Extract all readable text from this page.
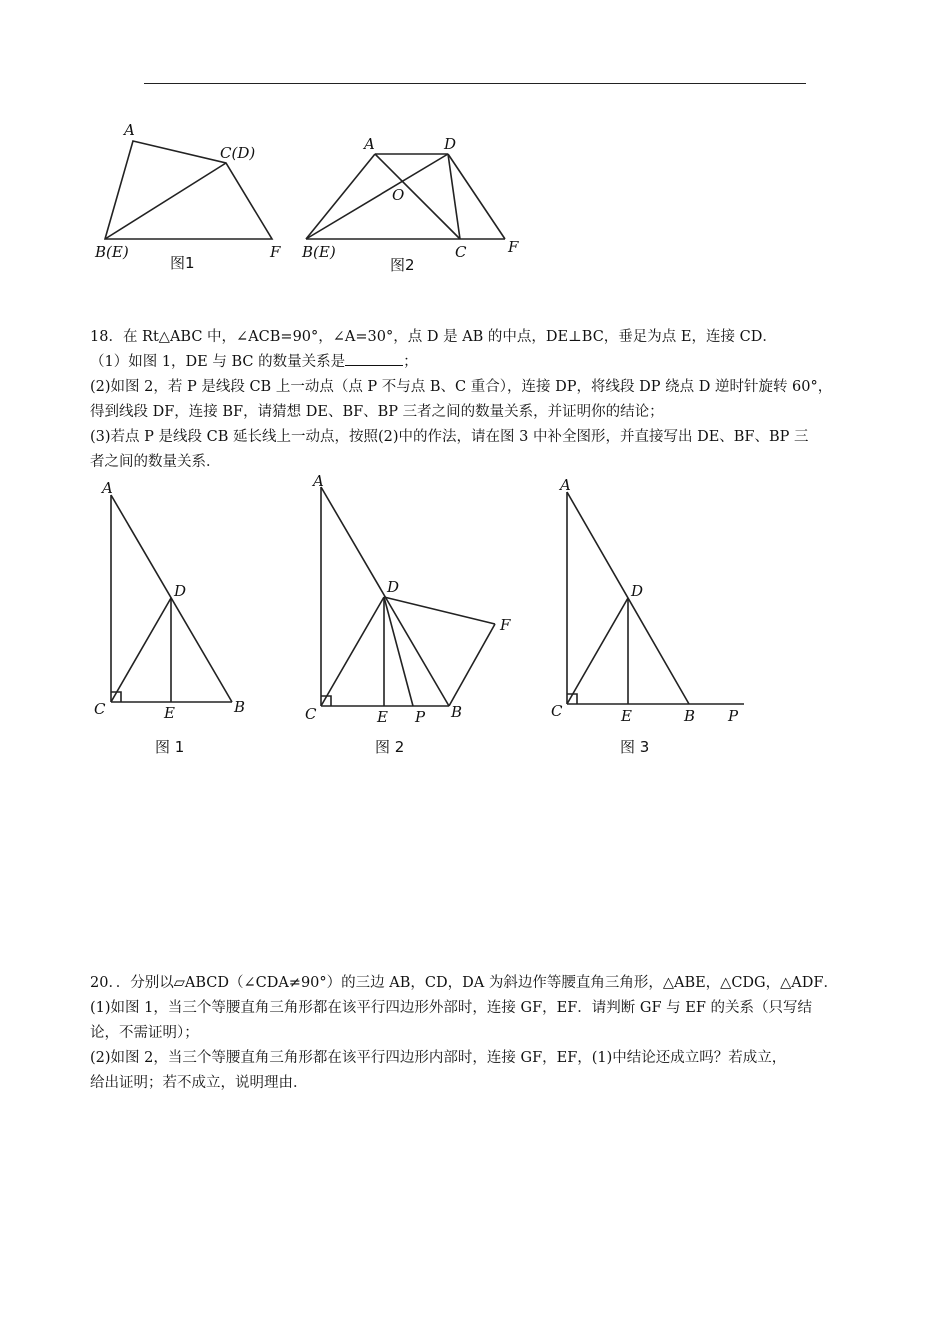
A
C(D)
B(E)	F
图1
A	D
O
B(E)	C	F
图2
18．在 Rt△ABC 中，∠ACB=90°，∠A=30°，点 D 是 AB 的中点，DE⊥BC，垂足为点 E，连接 CD．
（1）如图 1，DE 与 BC 的数量关系是	；
(2)如图 2，若 P 是线段 CB 上一动点（点 P 不与点 B、C 重合），连接 DP，将线段 DP 绕点 D 逆时针旋转 60°，
得到线段 DF，连接 BF，请猜想 DE、BF、BP 三者之间的数量关系，并证明你的结论；
(3)若点 P 是线段 CB 延长线上一动点，按照(2)中的作法，请在图 3 中补全图形，并直接写出 DE、BF、BP 三
者之间的数量关系．
A
D
C	E	B
图 1
A
D
F
C	E P B
图 2
A
D
C	E	B P
图 3
20．．分别以▱ABCD（∠CDA≠90°）的三边 AB，CD，DA 为斜边作等腰直角三角形，△ABE，△CDG，△ADF．
(1)如图 1，当三个等腰直角三角形都在该平行四边形外部时，连接 GF，EF．请判断 GF 与 EF 的关系（只写结
论，不需证明）；
(2)如图 2，当三个等腰直角三角形都在该平行四边形内部时，连接 GF，EF，(1)中结论还成立吗？若成立，
给出证明；若不成立，说明理由．
